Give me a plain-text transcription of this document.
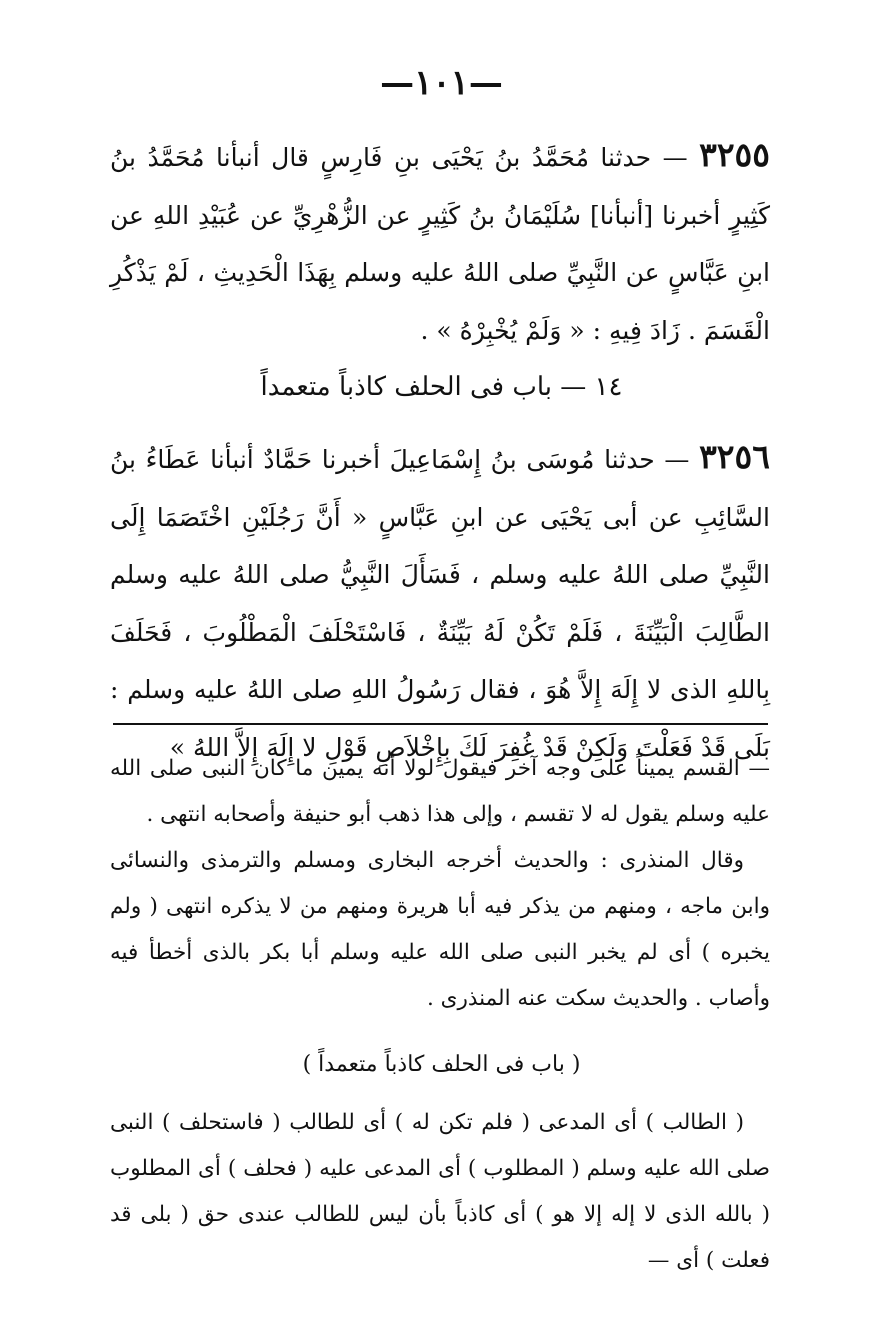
—١٠١—

٣٢٥٥ — حدثنا مُحَمَّدُ بنُ يَحْيَى بنِ فَارِسٍ قال أنبأنا مُحَمَّدُ بنُ كَثِيرٍ أخبرنا [أنبأنا] سُلَيْمَانُ بنُ كَثِيرٍ عن الزُّهْرِيِّ عن عُبَيْدِ اللهِ عن ابنِ عَبَّاسٍ عن النَّبِيِّ صلى اللهُ عليه وسلم بِهَذَا الْحَدِيثِ ، لَمْ يَذْكُرِ الْقَسَمَ . زَادَ فِيهِ : « وَلَمْ يُخْبِرْهُ » .

١٤ — باب فى الحلف كاذباً متعمداً

٣٢٥٦ — حدثنا مُوسَى بنُ إِسْمَاعِيلَ أخبرنا حَمَّادٌ أنبأنا عَطَاءُ بنُ السَّائِبِ عن أبى يَحْيَى عن ابنِ عَبَّاسٍ « أَنَّ رَجُلَيْنِ اخْتَصَمَا إِلَى النَّبِيِّ صلى اللهُ عليه وسلم ، فَسَأَلَ النَّبِيُّ صلى اللهُ عليه وسلم الطَّالِبَ الْبَيِّنَةَ ، فَلَمْ تَكُنْ لَهُ بَيِّنَةٌ ، فَاسْتَحْلَفَ الْمَطْلُوبَ ، فَحَلَفَ بِاللهِ الذى لا إِلَهَ إِلاَّ هُوَ ، فقال رَسُولُ اللهِ صلى اللهُ عليه وسلم : بَلَى قَدْ فَعَلْتَ وَلَكِنْ قَدْ غُفِرَ لَكَ بِإِخْلاَصِ قَوْلِ لا إِلَهَ إِلاَّ اللهُ »

— القسم يميناً على وجه آخر فيقول لولا أنه يمين ما كان النبى صلى الله عليه وسلم يقول له لا تقسم ، وإلى هذا ذهب أبو حنيفة وأصحابه انتهى .

وقال المنذرى : والحديث أخرجه البخارى ومسلم والترمذى والنسائى وابن ماجه ، ومنهم من يذكر فيه أبا هريرة ومنهم من لا يذكره انتهى ( ولم يخبره ) أى لم يخبر النبى صلى الله عليه وسلم أبا بكر بالذى أخطأ فيه وأصاب . والحديث سكت عنه المنذرى .

( باب فى الحلف كاذباً متعمداً )

( الطالب ) أى المدعى ( فلم تكن له ) أى للطالب ( فاستحلف ) النبى صلى الله عليه وسلم ( المطلوب ) أى المدعى عليه ( فحلف ) أى المطلوب ( بالله الذى لا إله إلا هو ) أى كاذباً بأن ليس للطالب عندى حق ( بلى قد فعلت ) أى —
